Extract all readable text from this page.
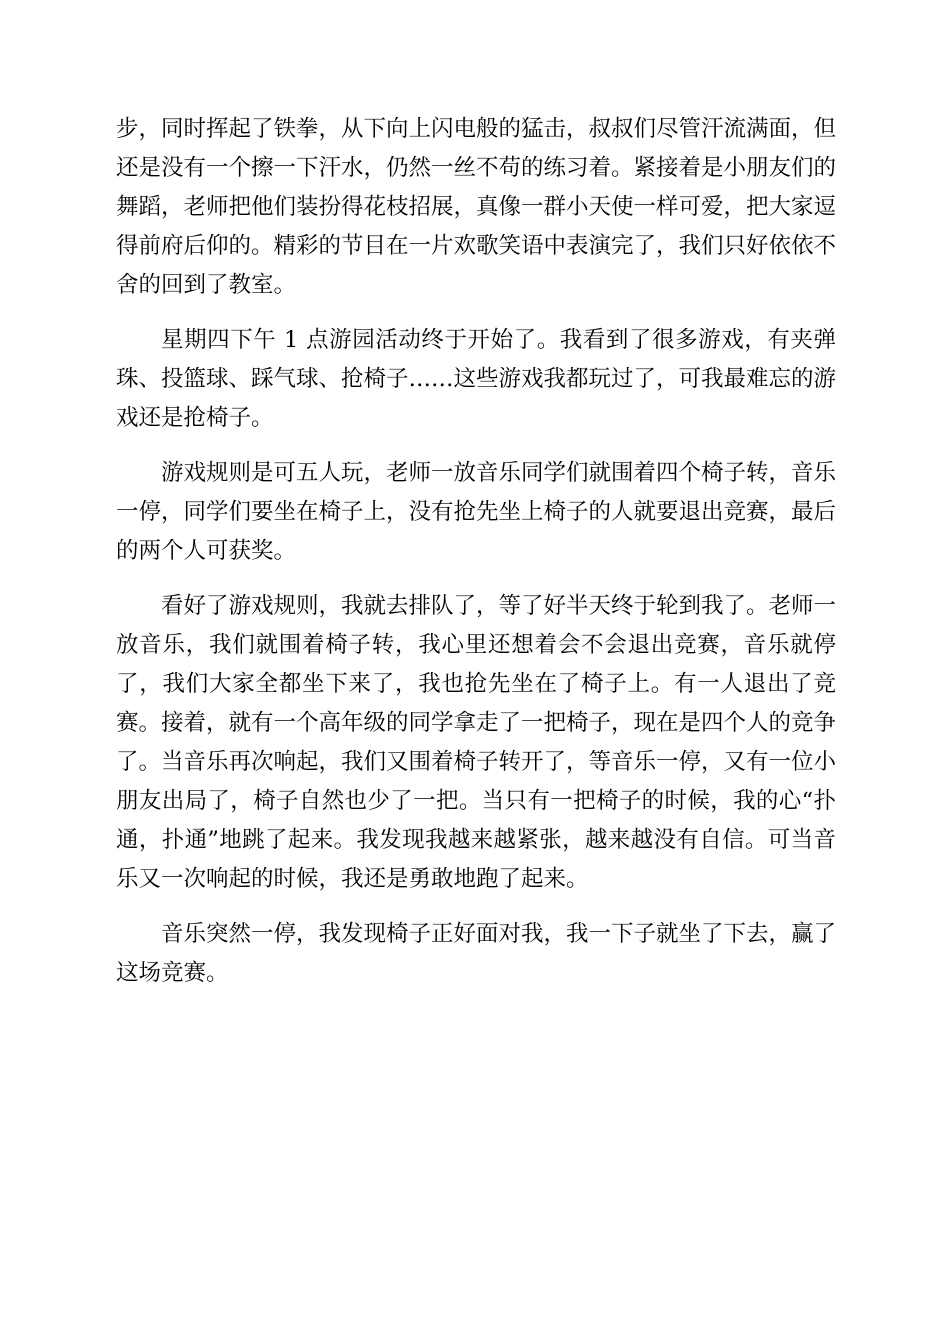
步，同时挥起了铁拳，从下向上闪电般的猛击，叔叔们尽管汗流满面，但还是没有一个擦一下汗水，仍然一丝不苟的练习着。紧接着是小朋友们的舞蹈，老师把他们装扮得花枝招展，真像一群小天使一样可爱，把大家逗得前府后仰的。精彩的节目在一片欢歌笑语中表演完了，我们只好依依不舍的回到了教室。

星期四下午 1 点游园活动终于开始了。我看到了很多游戏，有夹弹珠、投篮球、踩气球、抢椅子……这些游戏我都玩过了，可我最难忘的游戏还是抢椅子。

游戏规则是可五人玩，老师一放音乐同学们就围着四个椅子转，音乐一停，同学们要坐在椅子上，没有抢先坐上椅子的人就要退出竞赛，最后的两个人可获奖。

看好了游戏规则，我就去排队了，等了好半天终于轮到我了。老师一放音乐，我们就围着椅子转，我心里还想着会不会退出竞赛，音乐就停了，我们大家全都坐下来了，我也抢先坐在了椅子上。有一人退出了竞赛。接着，就有一个高年级的同学拿走了一把椅子，现在是四个人的竞争了。当音乐再次响起，我们又围着椅子转开了，等音乐一停，又有一位小朋友出局了，椅子自然也少了一把。当只有一把椅子的时候，我的心“扑通，扑通”地跳了起来。我发现我越来越紧张，越来越没有自信。可当音乐又一次响起的时候，我还是勇敢地跑了起来。

音乐突然一停，我发现椅子正好面对我，我一下子就坐了下去，赢了这场竞赛。
